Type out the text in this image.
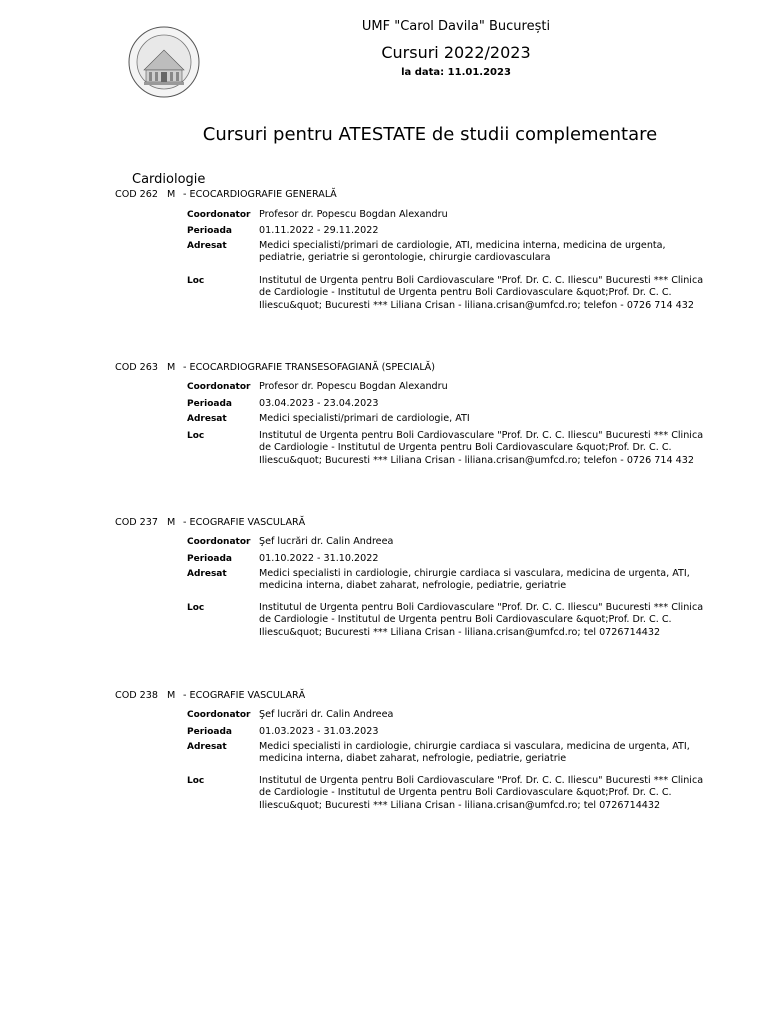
UMF "Carol Davila" București
Cursuri 2022/2023
la data: 11.01.2023
Cursuri pentru ATESTATE de studii complementare
Cardiologie
COD 262 M - ECOCARDIOGRAFIE GENERALĂ
Coordonator Profesor dr. Popescu Bogdan Alexandru
Perioada	01.11.2022 - 29.11.2022
Adresat	Medici specialisti/primari de cardiologie, ATI, medicina interna, medicina de urgenta, pediatrie, geriatrie si gerontologie, chirurgie cardiovasculara
Loc	Institutul de Urgenta pentru Boli Cardiovasculare "Prof. Dr. C. C. Iliescu" Bucuresti *** Clinica de Cardiologie - Institutul de Urgenta pentru Boli Cardiovasculare &quot;Prof. Dr. C. C. Iliescu&quot; Bucuresti *** Liliana Crisan - liliana.crisan@umfcd.ro; telefon - 0726 714 432
COD 263 M - ECOCARDIOGRAFIE TRANSESOFAGIANĂ (SPECIALĂ)
Coordonator Profesor dr. Popescu Bogdan Alexandru
Perioada	03.04.2023 - 23.04.2023
Adresat	Medici specialisti/primari de cardiologie, ATI
Loc	Institutul de Urgenta pentru Boli Cardiovasculare "Prof. Dr. C. C. Iliescu" Bucuresti *** Clinica de Cardiologie - Institutul de Urgenta pentru Boli Cardiovasculare &quot;Prof. Dr. C. C. Iliescu&quot; Bucuresti *** Liliana Crisan - liliana.crisan@umfcd.ro; telefon - 0726 714 432
COD 237 M - ECOGRAFIE VASCULARĂ
Coordonator Şef lucrări dr. Calin Andreea
Perioada	01.10.2022 - 31.10.2022
Adresat	Medici specialisti in cardiologie, chirurgie cardiaca si vasculara, medicina de urgenta, ATI, medicina interna, diabet zaharat, nefrologie, pediatrie, geriatrie
Loc	Institutul de Urgenta pentru Boli Cardiovasculare "Prof. Dr. C. C. Iliescu" Bucuresti *** Clinica de Cardiologie - Institutul de Urgenta pentru Boli Cardiovasculare &quot;Prof. Dr. C. C. Iliescu&quot; Bucuresti *** Liliana Crisan - liliana.crisan@umfcd.ro; tel 0726714432
COD 238 M - ECOGRAFIE VASCULARĂ
Coordonator Şef lucrări dr. Calin Andreea
Perioada	01.03.2023 - 31.03.2023
Adresat	Medici specialisti in cardiologie, chirurgie cardiaca si vasculara, medicina de urgenta, ATI, medicina interna, diabet zaharat, nefrologie, pediatrie, geriatrie
Loc	Institutul de Urgenta pentru Boli Cardiovasculare "Prof. Dr. C. C. Iliescu" Bucuresti *** Clinica de Cardiologie - Institutul de Urgenta pentru Boli Cardiovasculare &quot;Prof. Dr. C. C. Iliescu&quot; Bucuresti *** Liliana Crisan - liliana.crisan@umfcd.ro; tel 0726714432
